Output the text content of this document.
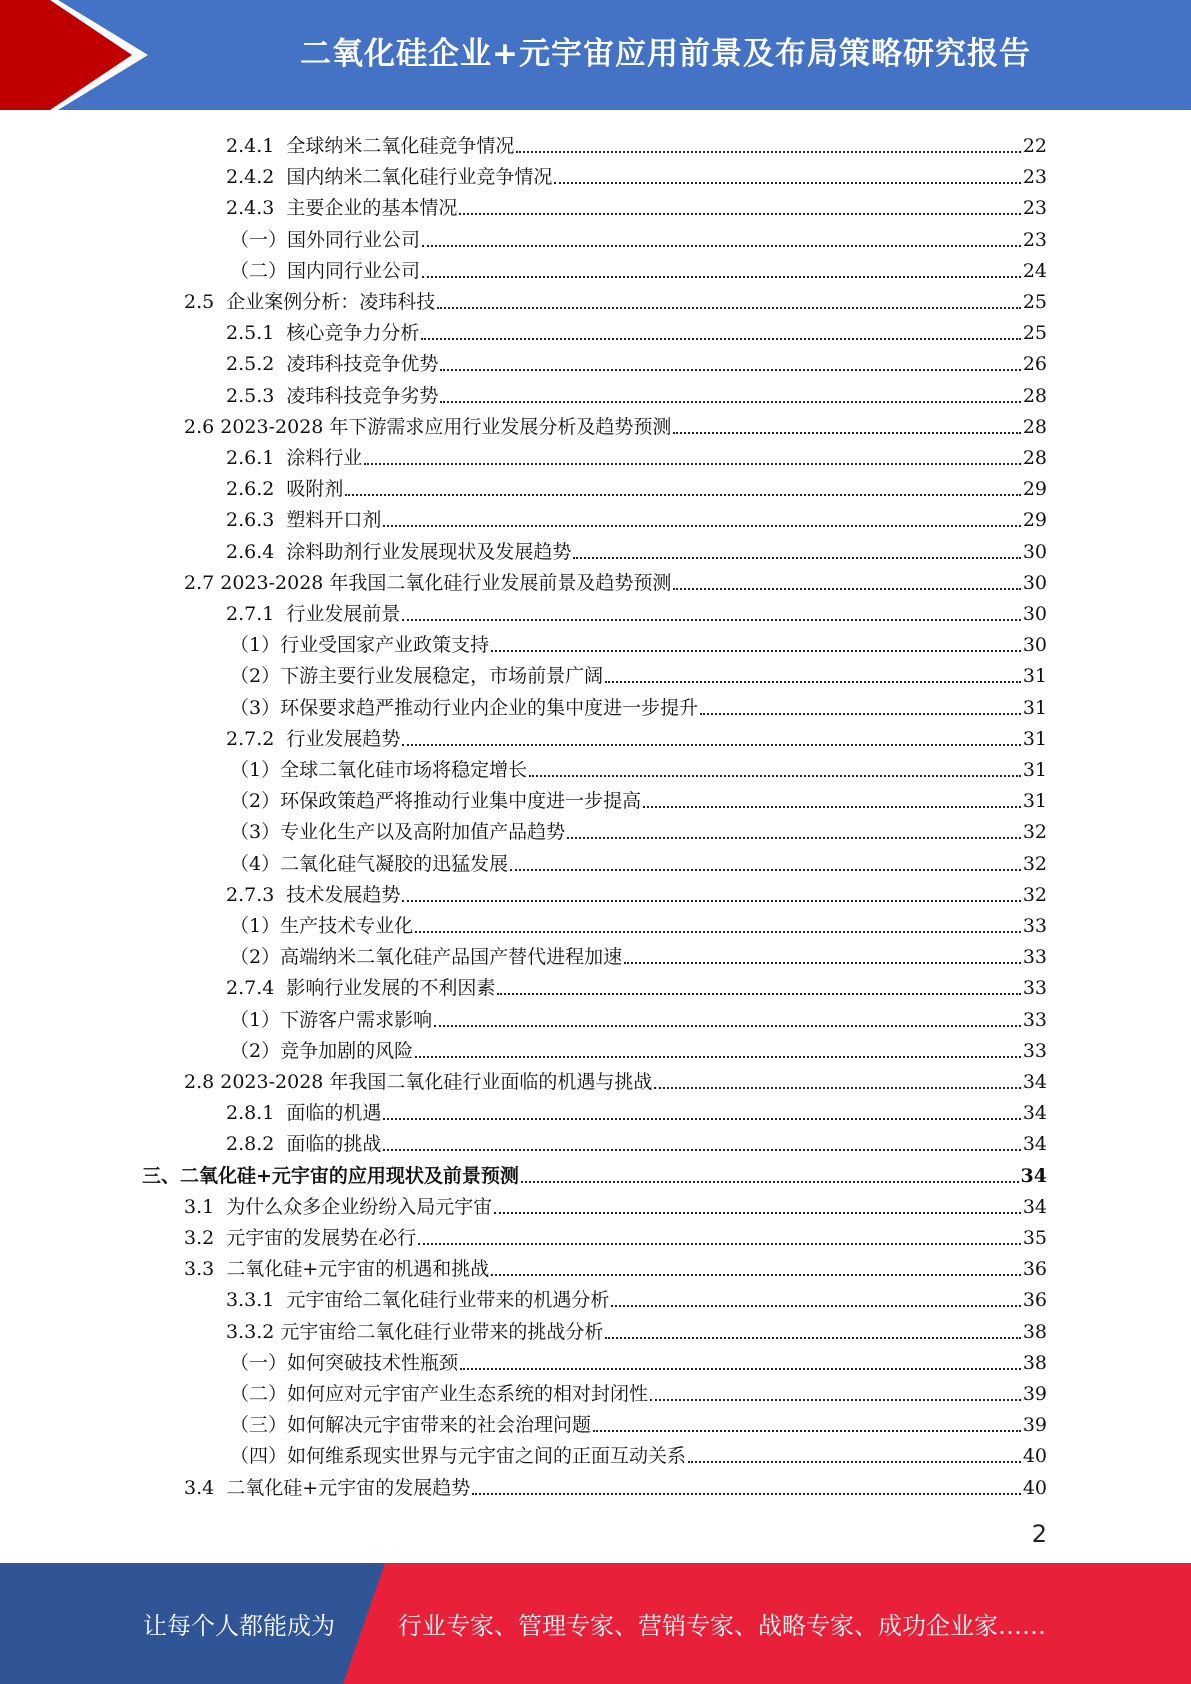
二氧化硅企业+元宇宙应用前景及布局策略研究报告
2.4.1  全球纳米二氧化硅竞争情况	22
2.4.2  国内纳米二氧化硅行业竞争情况	23
2.4.3  主要企业的基本情况	23
（一）国外同行业公司	23
（二）国内同行业公司	24
2.5  企业案例分析：凌玮科技	25
2.5.1  核心竞争力分析	25
2.5.2  凌玮科技竞争优势	26
2.5.3  凌玮科技竞争劣势	28
2.6 2023-2028 年下游需求应用行业发展分析及趋势预测	28
2.6.1  涂料行业	28
2.6.2  吸附剂	29
2.6.3  塑料开口剂	29
2.6.4  涂料助剂行业发展现状及发展趋势	30
2.7 2023-2028 年我国二氧化硅行业发展前景及趋势预测	30
2.7.1  行业发展前景	30
（1）行业受国家产业政策支持	30
（2）下游主要行业发展稳定，市场前景广阔	31
（3）环保要求趋严推动行业内企业的集中度进一步提升	31
2.7.2  行业发展趋势	31
（1）全球二氧化硅市场将稳定增长	31
（2）环保政策趋严将推动行业集中度进一步提高	31
（3）专业化生产以及高附加值产品趋势	32
（4）二氧化硅气凝胶的迅猛发展	32
2.7.3  技术发展趋势	32
（1）生产技术专业化	33
（2）高端纳米二氧化硅产品国产替代进程加速	33
2.7.4  影响行业发展的不利因素	33
（1）下游客户需求影响	33
（2）竞争加剧的风险	33
2.8 2023-2028 年我国二氧化硅行业面临的机遇与挑战	34
2.8.1  面临的机遇	34
2.8.2  面临的挑战	34
三、二氧化硅+元宇宙的应用现状及前景预测	34
3.1  为什么众多企业纷纷入局元宇宙	34
3.2  元宇宙的发展势在必行	35
3.3  二氧化硅+元宇宙的机遇和挑战	36
3.3.1  元宇宙给二氧化硅行业带来的机遇分析	36
3.3.2 元宇宙给二氧化硅行业带来的挑战分析	38
（一）如何突破技术性瓶颈	38
（二）如何应对元宇宙产业生态系统的相对封闭性	39
（三）如何解决元宇宙带来的社会治理问题	39
（四）如何维系现实世界与元宇宙之间的正面互动关系	40
3.4  二氧化硅+元宇宙的发展趋势	40
2
让每个人都能成为	行业专家、管理专家、营销专家、战略专家、成功企业家……
